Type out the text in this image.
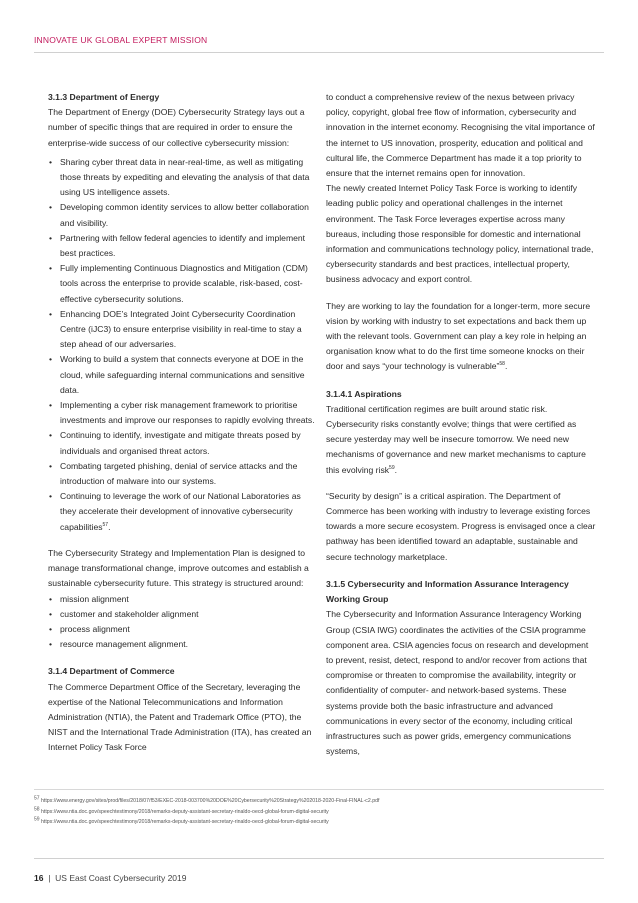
INNOVATE UK GLOBAL EXPERT MISSION
3.1.3 Department of Energy

The Department of Energy (DOE) Cybersecurity Strategy lays out a number of specific things that are required in order to ensure the enterprise-wide success of our collective cybersecurity mission:

• Sharing cyber threat data in near-real-time, as well as mitigating those threats by expediting and elevating the analysis of that data using US intelligence assets.
• Developing common identity services to allow better collaboration and visibility.
• Partnering with fellow federal agencies to identify and implement best practices.
• Fully implementing Continuous Diagnostics and Mitigation (CDM) tools across the enterprise to provide scalable, risk-based, cost-effective cybersecurity solutions.
• Enhancing DOE’s Integrated Joint Cybersecurity Coordination Centre (iJC3) to ensure enterprise visibility in real-time to stay a step ahead of our adversaries.
• Working to build a system that connects everyone at DOE in the cloud, while safeguarding internal communications and sensitive data.
• Implementing a cyber risk management framework to prioritise investments and improve our responses to rapidly evolving threats.
• Continuing to identify, investigate and mitigate threats posed by individuals and organised threat actors.
• Combating targeted phishing, denial of service attacks and the introduction of malware into our systems.
• Continuing to leverage the work of our National Laboratories as they accelerate their development of innovative cybersecurity capabilities$^{57}$.

The Cybersecurity Strategy and Implementation Plan is designed to manage transformational change, improve outcomes and establish a sustainable cybersecurity future. This strategy is structured around:

• mission alignment
• customer and stakeholder alignment
• process alignment
• resource management alignment.
3.1.4 Department of Commerce

The Commerce Department Office of the Secretary, leveraging the expertise of the National Telecommunications and Information Administration (NTIA), the Patent and Trademark Office (PTO), the NIST and the International Trade Administration (ITA), has created an Internet Policy Task Force

to conduct a comprehensive review of the nexus between privacy policy, copyright, global free flow of information, cybersecurity and innovation in the internet economy. Recognising the vital importance of the internet to US innovation, prosperity, education and political and cultural life, the Commerce Department has made it a top priority to ensure that the internet remains open for innovation.

The newly created Internet Policy Task Force is working to identify leading public policy and operational challenges in the internet environment. The Task Force leverages expertise across many bureaus, including those responsible for domestic and international information and communications technology policy, international trade, cybersecurity standards and best practices, intellectual property, business advocacy and export control.

They are working to lay the foundation for a longer-term, more secure vision by working with industry to set expectations and back them up with the relevant tools. Government can play a key role in helping an organisation know what to do the first time someone knocks on their door and says “your technology is vulnerable”$^{58}$.

3.1.4.1 Aspirations

Traditional certification regimes are built around static risk. Cybersecurity risks constantly evolve; things that were certified as secure yesterday may well be insecure tomorrow. We need new mechanisms of governance and new market mechanisms to capture this evolving risk$^{59}$.

“Security by design” is a critical aspiration. The Department of Commerce has been working with industry to leverage existing forces towards a more secure ecosystem. Progress is envisaged once a clear pathway has been identified toward an adaptable, sustainable and secure technology marketplace.

3.1.5 Cybersecurity and Information Assurance Interagency Working Group

The Cybersecurity and Information Assurance Interagency Working Group (CSIA IWG) coordinates the activities of the CSIA programme component area. CSIA agencies focus on research and development to prevent, resist, detect, respond to and/or recover from actions that compromise or threaten to compromise the availability, integrity or confidentiality of computer- and network-based systems. These systems provide both the basic infrastructure and advanced communications in every sector of the economy, including critical infrastructures such as power grids, emergency communications systems,

$^{57}$ https://www.energy.gov/sites/prod/files/2018/07/f53/EXEC-2018-003700%20DOE%20Cybersecurity%20Strategy%202018-2020-Final-FINAL-c2.pdf
$^{58}$ https://www.ntia.doc.gov/speechtestimony/2018/remarks-deputy-assistant-secretary-rinaldo-oecd-global-forum-digital-security
$^{59}$ https://www.ntia.doc.gov/speechtestimony/2018/remarks-deputy-assistant-secretary-rinaldo-oecd-global-forum-digital-security
16 | US East Coast Cybersecurity 2019
